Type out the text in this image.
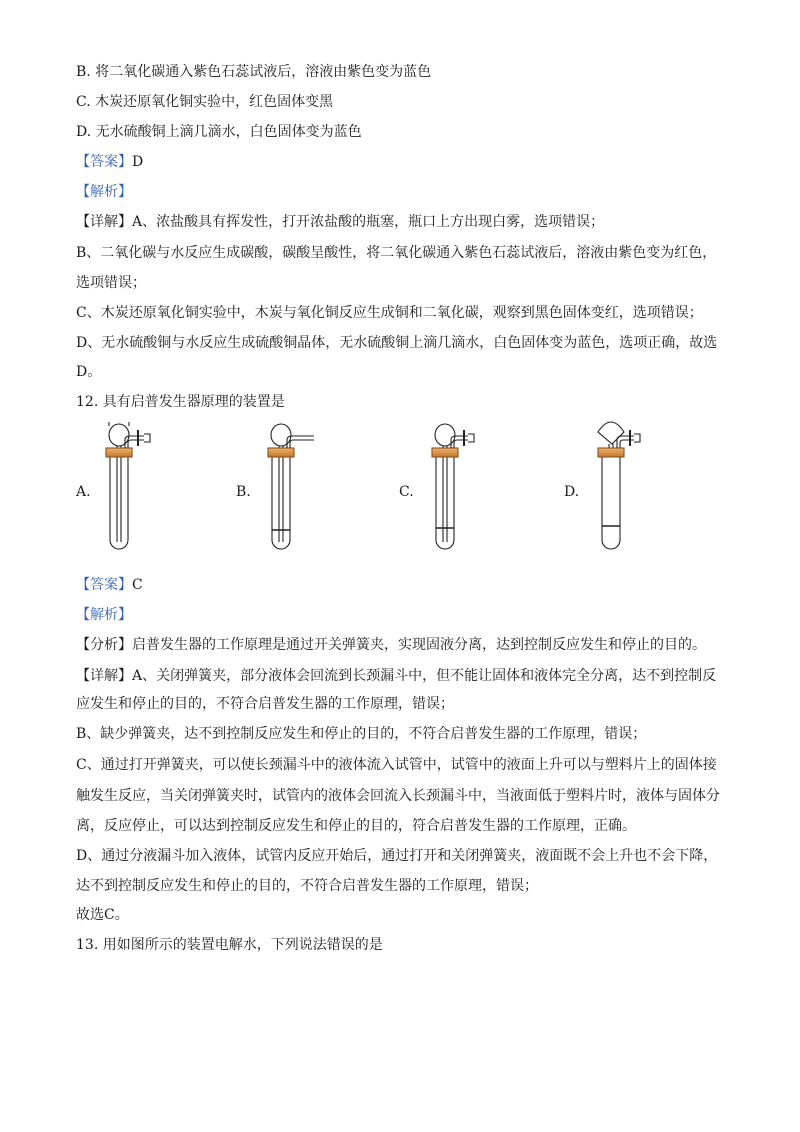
B. 将二氧化碳通入紫色石蕊试液后，溶液由紫色变为蓝色
C. 木炭还原氧化铜实验中，红色固体变黑
D. 无水硫酸铜上滴几滴水，白色固体变为蓝色
【答案】D
【解析】
【详解】A、浓盐酸具有挥发性，打开浓盐酸的瓶塞，瓶口上方出现白雾，选项错误；
B、二氧化碳与水反应生成碳酸，碳酸呈酸性，将二氧化碳通入紫色石蕊试液后，溶液由紫色变为红色，
选项错误；
C、木炭还原氧化铜实验中，木炭与氧化铜反应生成铜和二氧化碳，观察到黑色固体变红，选项错误；
D、无水硫酸铜与水反应生成硫酸铜晶体，无水硫酸铜上滴几滴水，白色固体变为蓝色，选项正确，故选
D。
12. 具有启普发生器原理的装置是
A.	B.	C.	D.
【答案】C
【解析】
【分析】启普发生器的工作原理是通过开关弹簧夹，实现固液分离，达到控制反应发生和停止的目的。
【详解】A、关闭弹簧夹，部分液体会回流到长颈漏斗中，但不能让固体和液体完全分离，达不到控制反
应发生和停止的目的，不符合启普发生器的工作原理，错误；
B、缺少弹簧夹，达不到控制反应发生和停止的目的，不符合启普发生器的工作原理，错误；
C、通过打开弹簧夹，可以使长颈漏斗中的液体流入试管中，试管中的液面上升可以与塑料片上的固体接
触发生反应，当关闭弹簧夹时，试管内的液体会回流入长颈漏斗中，当液面低于塑料片时，液体与固体分
离，反应停止，可以达到控制反应发生和停止的目的，符合启普发生器的工作原理，正确。
D、通过分液漏斗加入液体，试管内反应开始后，通过打开和关闭弹簧夹，液面既不会上升也不会下降，
达不到控制反应发生和停止的目的，不符合启普发生器的工作原理，错误；
故选C。
13. 用如图所示的装置电解水，下列说法错误的是
